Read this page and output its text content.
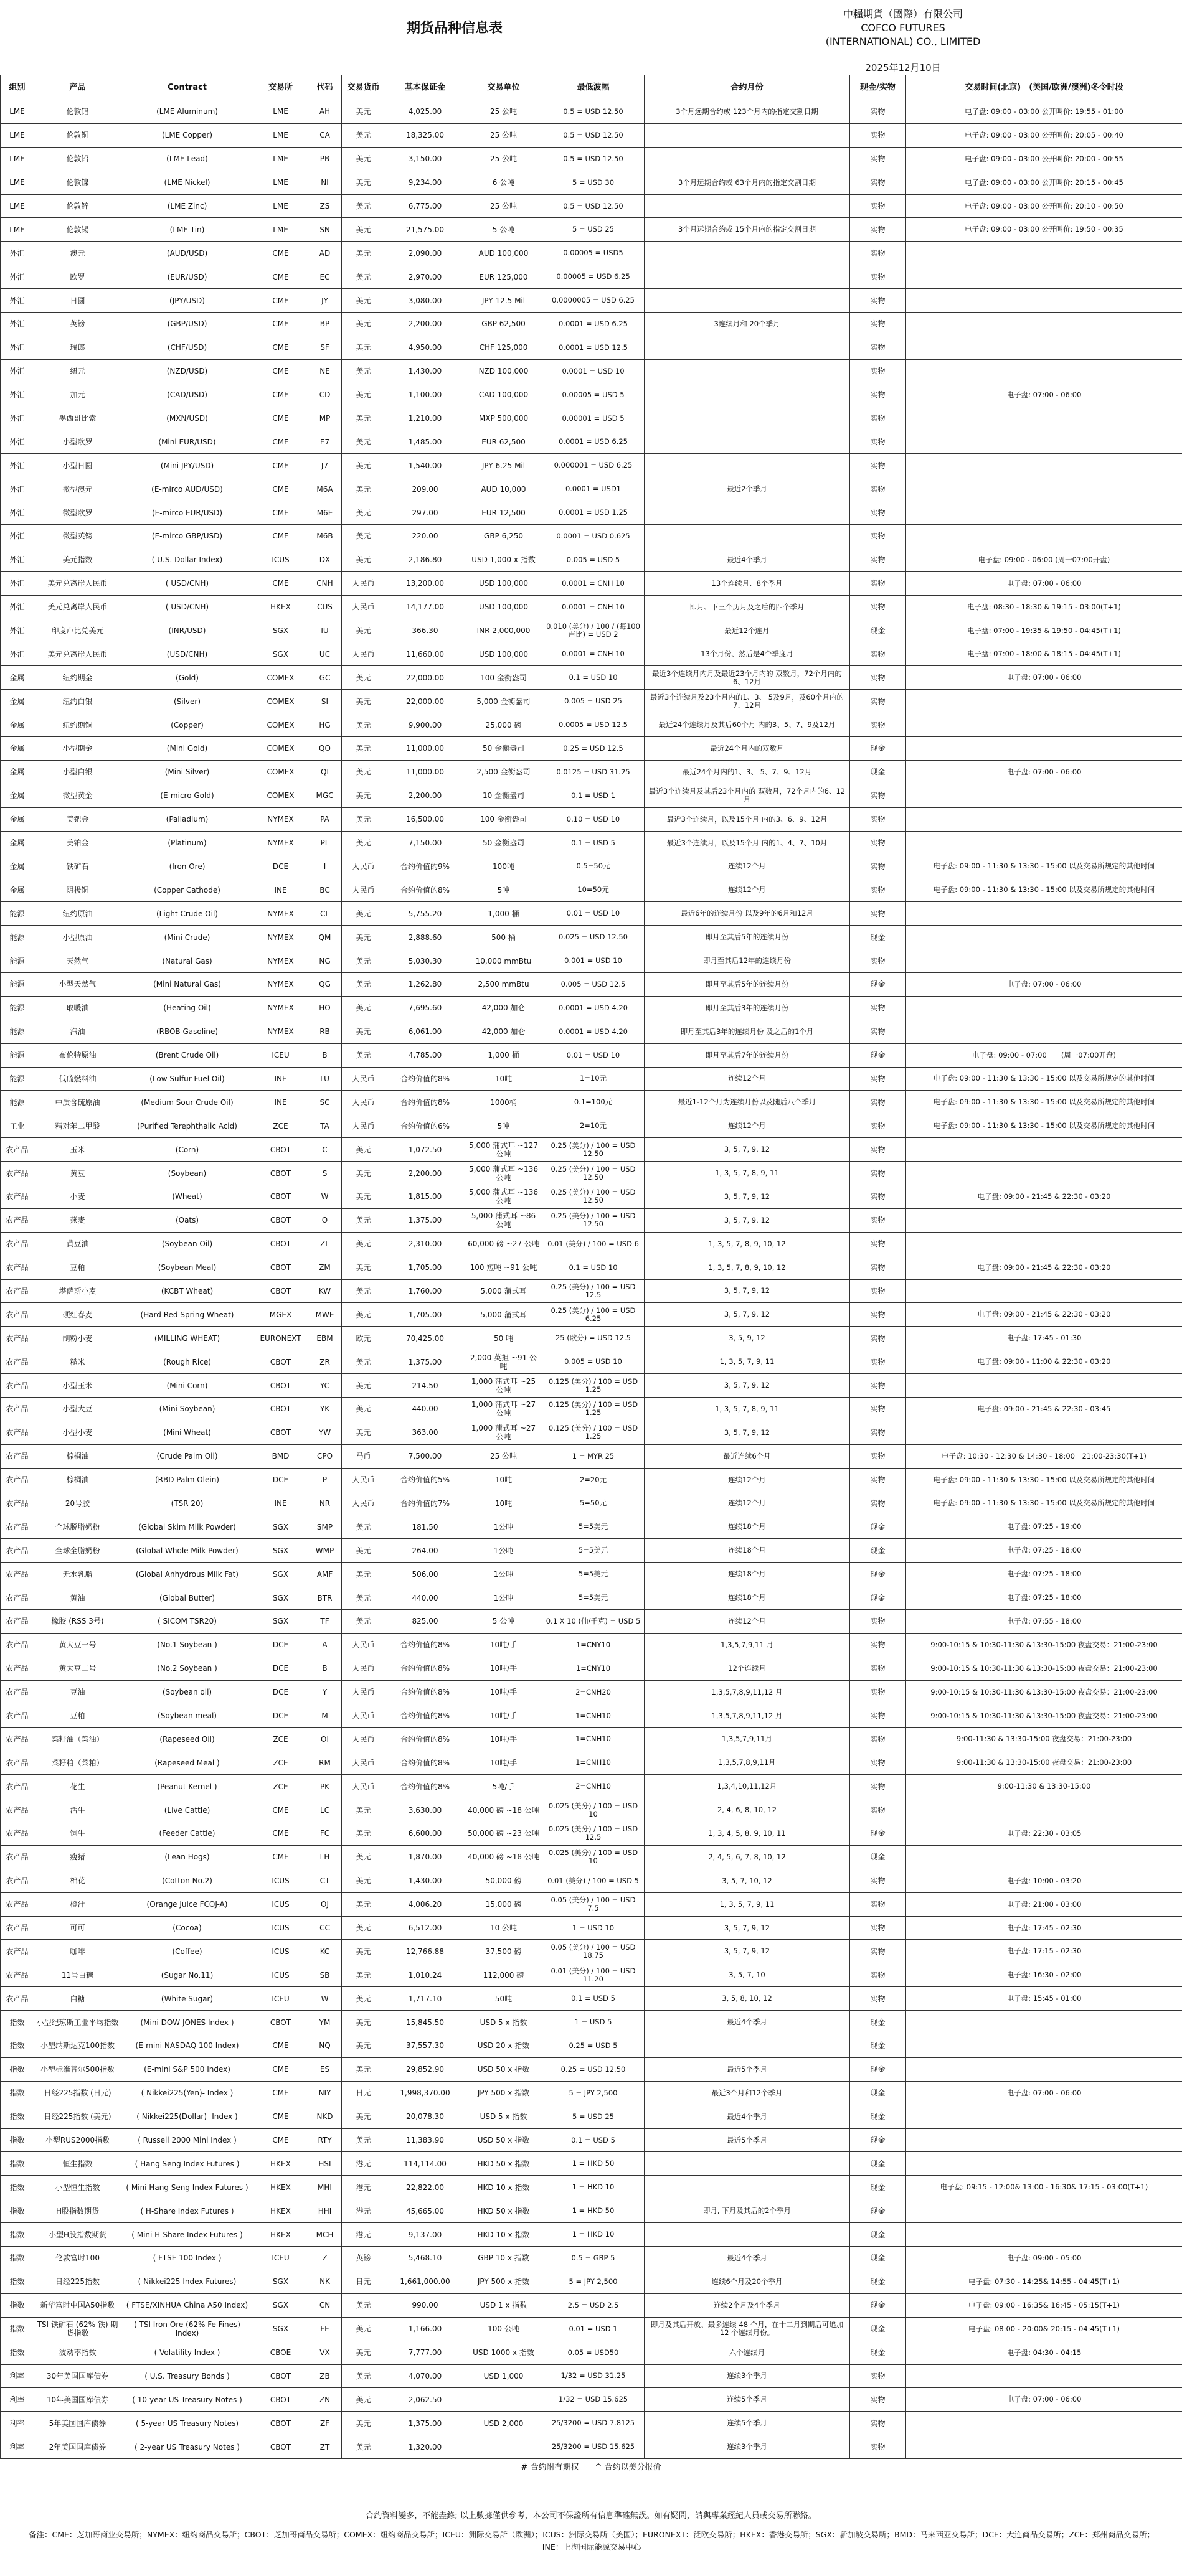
期货品种信息表
中糧期貨（國際）有限公司
COFCO FUTURES
(INTERNATIONAL) CO., LIMITED
2025年12月10日
组别	产品	Contract	交易所	代码	交易货币	基本保证金	交易单位	最低波幅	合约月份	现金/实物	交易时间(北京)　(美国/欧洲/澳洲)冬令时段
LME	伦敦铝	(LME Aluminum)	LME	AH	美元	4,025.00	25 公吨	0.5 = USD 12.50	3个月远期合约或 123个月内的指定交割日期	实物	电子盘: 09:00 - 03:00 公开叫价: 19:55 - 01:00
LME	伦敦铜	(LME Copper)	LME	CA	美元	18,325.00	25 公吨	0.5 = USD 12.50		实物	电子盘: 09:00 - 03:00 公开叫价: 20:05 - 00:40
LME	伦敦铅	(LME Lead)	LME	PB	美元	3,150.00	25 公吨	0.5 = USD 12.50		实物	电子盘: 09:00 - 03:00 公开叫价: 20:00 - 00:55
LME	伦敦镍	(LME Nickel)	LME	NI	美元	9,234.00	6 公吨	5 = USD 30	3个月远期合约或 63个月内的指定交割日期	实物	电子盘: 09:00 - 03:00 公开叫价: 20:15 - 00:45
LME	伦敦锌	(LME Zinc)	LME	ZS	美元	6,775.00	25 公吨	0.5 = USD 12.50		实物	电子盘: 09:00 - 03:00 公开叫价: 20:10 - 00:50
LME	伦敦锡	(LME Tin)	LME	SN	美元	21,575.00	5 公吨	5 = USD 25	3个月远期合约或 15个月内的指定交割日期	实物	电子盘: 09:00 - 03:00 公开叫价: 19:50 - 00:35
外汇	澳元	(AUD/USD)	CME	AD	美元	2,090.00	AUD 100,000	0.00005 = USD5		实物	
外汇	欧罗	(EUR/USD)	CME	EC	美元	2,970.00	EUR 125,000	0.00005 = USD 6.25		实物	
外汇	日圆	(JPY/USD)	CME	JY	美元	3,080.00	JPY 12.5 Mil	0.0000005 = USD 6.25		实物	
外汇	英镑	(GBP/USD)	CME	BP	美元	2,200.00	GBP 62,500	0.0001 = USD 6.25	3连续月和 20个季月	实物	
外汇	瑞郎	(CHF/USD)	CME	SF	美元	4,950.00	CHF 125,000	0.0001 = USD 12.5		实物	
外汇	纽元	(NZD/USD)	CME	NE	美元	1,430.00	NZD 100,000	0.0001 = USD 10		实物	
外汇	加元	(CAD/USD)	CME	CD	美元	1,100.00	CAD 100,000	0.00005 = USD 5		实物	电子盘: 07:00 - 06:00
外汇	墨西哥比索	(MXN/USD)	CME	MP	美元	1,210.00	MXP 500,000	0.00001 = USD 5		实物	
外汇	小型欧罗	(Mini EUR/USD)	CME	E7	美元	1,485.00	EUR 62,500	0.0001 = USD 6.25		实物	
外汇	小型日圆	(Mini JPY/USD)	CME	J7	美元	1,540.00	JPY 6.25 Mil	0.000001 = USD 6.25		实物	
外汇	微型澳元	(E-mirco AUD/USD)	CME	M6A	美元	209.00	AUD 10,000	0.0001 = USD1	最近2个季月	实物	
外汇	微型欧罗	(E-mirco EUR/USD)	CME	M6E	美元	297.00	EUR 12,500	0.0001 = USD 1.25		实物	
外汇	微型英镑	(E-mirco GBP/USD)	CME	M6B	美元	220.00	GBP 6,250	0.0001 = USD 0.625		实物	
外汇	美元指数	( U.S. Dollar Index)	ICUS	DX	美元	2,186.80	USD 1,000 x 指数	0.005 = USD 5	最近4个季月	实物	电子盘: 09:00 - 06:00 (周一07:00开盘)
外汇	美元兑离岸人民币	( USD/CNH)	CME	CNH	人民币	13,200.00	USD 100,000	0.0001 = CNH 10	13个连续月、8个季月	实物	电子盘: 07:00 - 06:00
外汇	美元兑离岸人民币	( USD/CNH)	HKEX	CUS	人民币	14,177.00	USD 100,000	0.0001 = CNH 10	即月、下三个历月及之后的四个季月	实物	电子盘: 08:30 - 18:30 & 19:15 - 03:00(T+1)
外汇	印度卢比兑美元	(INR/USD)	SGX	IU	美元	366.30	INR 2,000,000	0.010 (美分) / 100 / (每100卢比) = USD 2	最近12个连月	现金	电子盘: 07:00 - 19:35 & 19:50 - 04:45(T+1)
外汇	美元兑离岸人民币	(USD/CNH)	SGX	UC	人民币	11,660.00	USD 100,000	0.0001 = CNH 10	13个月份、然后是4个季度月	实物	电子盘: 07:00 - 18:00 & 18:15 - 04:45(T+1)
金属	纽约期金	(Gold)	COMEX	GC	美元	22,000.00	100 金衡盎司	0.1 = USD 10	最近3个连续月内月及最近23个月内的 双数月，72个月内的6、12月	实物	电子盘: 07:00 - 06:00
金属	纽约白银	(Silver)	COMEX	SI	美元	22,000.00	5,000 金衡盎司	0.005 = USD 25	最近3个连续月及23个月内的1、3、 5及9月，及60个月内的7、12月	实物	
金属	纽约期铜	(Copper)	COMEX	HG	美元	9,900.00	25,000 磅	0.0005 = USD 12.5	最近24个连续月及其后60个月 内的3、5、7、9及12月	实物	
金属	小型期金	(Mini Gold)	COMEX	QO	美元	11,000.00	50 金衡盎司	0.25 = USD 12.5	最近24个月内的双数月	现金	
金属	小型白银	(Mini Silver)	COMEX	QI	美元	11,000.00	2,500 金衡盎司	0.0125 = USD 31.25	最近24个月内的1、3、 5、7、9、12月	现金	电子盘: 07:00 - 06:00
金属	微型黄金	(E-micro Gold)	COMEX	MGC	美元	2,200.00	10 金衡盎司	0.1 = USD 1	最近3个连续月及其后23个月内的 双数月，72个月内的6、12月	实物	
金属	美钯金	(Palladium)	NYMEX	PA	美元	16,500.00	100 金衡盎司	0.10 = USD 10	最近3个连续月，以及15个月 内的3、6、9、12月	实物	
金属	美铂金	(Platinum)	NYMEX	PL	美元	7,150.00	50 金衡盎司	0.1 = USD 5	最近3个连续月，以及15个月 内的1、4、7、10月	实物	
金属	铁矿石	(Iron Ore)	DCE	I	人民币	合约价值的9%	100吨	0.5=50元	连续12个月	实物	电子盘: 09:00 - 11:30 & 13:30 - 15:00 以及交易所规定的其他时间
金属	阴极铜	(Copper Cathode)	INE	BC	人民币	合约价值的8%	5吨	10=50元	连续12个月	实物	电子盘: 09:00 - 11:30 & 13:30 - 15:00 以及交易所规定的其他时间
能源	纽约原油	(Light Crude Oil)	NYMEX	CL	美元	5,755.20	1,000 桶	0.01 = USD 10	最近6年的连续月份 以及9年的6月和12月	实物	
能源	小型原油	(Mini Crude)	NYMEX	QM	美元	2,888.60	500 桶	0.025 = USD 12.50	即月至其后5年的连续月份	现金	
能源	天然气	(Natural Gas)	NYMEX	NG	美元	5,030.30	10,000 mmBtu	0.001 = USD 10	即月至其后12年的连续月份	实物	
能源	小型天然气	(Mini Natural Gas)	NYMEX	QG	美元	1,262.80	2,500 mmBtu	0.005 = USD 12.5	即月至其后5年的连续月份	现金	电子盘: 07:00 - 06:00
能源	取暖油	(Heating Oil)	NYMEX	HO	美元	7,695.60	42,000 加仑	0.0001 = USD 4.20	即月至其后3年的连续月份	实物	
能源	汽油	(RBOB Gasoline)	NYMEX	RB	美元	6,061.00	42,000 加仑	0.0001 = USD 4.20	即月至其后3年的连续月份 及之后的1个月	实物	
能源	布伦特原油	(Brent Crude Oil)	ICEU	B	美元	4,785.00	1,000 桶	0.01 = USD 10	即月至其后7年的连续月份	现金	电子盘: 09:00 - 07:00　　(周一07:00开盘)
能源	低硫燃料油	(Low Sulfur Fuel Oil)	INE	LU	人民币	合约价值的8%	10吨	1=10元	连续12个月	实物	电子盘: 09:00 - 11:30 & 13:30 - 15:00 以及交易所规定的其他时间
能源	中质含硫原油	(Medium Sour Crude Oil)	INE	SC	人民币	合约价值的8%	1000桶	0.1=100元	最近1-12个月为连续月份以及随后八个季月	实物	电子盘: 09:00 - 11:30 & 13:30 - 15:00 以及交易所规定的其他时间
工业	精对苯二甲酸	(Purified Terephthalic Acid)	ZCE	TA	人民币	合约价值的6%	5吨	2=10元	连续12个月	实物	电子盘: 09:00 - 11:30 & 13:30 - 15:00 以及交易所规定的其他时间
农产品	玉米	(Corn)	CBOT	C	美元	1,072.50	5,000 蒲式耳 ~127 公吨	0.25 (美分) / 100 = USD 12.50	3, 5, 7, 9, 12	实物	
农产品	黄豆	(Soybean)	CBOT	S	美元	2,200.00	5,000 蒲式耳 ~136 公吨	0.25 (美分) / 100 = USD 12.50	1, 3, 5, 7, 8, 9, 11	实物	
农产品	小麦	(Wheat)	CBOT	W	美元	1,815.00	5,000 蒲式耳 ~136 公吨	0.25 (美分) / 100 = USD 12.50	3, 5, 7, 9, 12	实物	电子盘: 09:00 - 21:45 & 22:30 - 03:20
农产品	燕麦	(Oats)	CBOT	O	美元	1,375.00	5,000 蒲式耳 ~86 公吨	0.25 (美分) / 100 = USD 12.50	3, 5, 7, 9, 12	实物	
农产品	黄豆油	(Soybean Oil)	CBOT	ZL	美元	2,310.00	60,000 磅 ~27 公吨	0.01 (美分) / 100 = USD 6	1, 3, 5, 7, 8, 9, 10, 12	实物	
农产品	豆粕	(Soybean Meal)	CBOT	ZM	美元	1,705.00	100 短吨 ~91 公吨	0.1 = USD 10	1, 3, 5, 7, 8, 9, 10, 12	实物	电子盘: 09:00 - 21:45 & 22:30 - 03:20
农产品	堪萨斯小麦	(KCBT Wheat)	CBOT	KW	美元	1,760.00	5,000 蒲式耳	0.25 (美分) / 100 = USD 12.5	3, 5, 7, 9, 12	实物	
农产品	硬红春麦	(Hard Red Spring Wheat)	MGEX	MWE	美元	1,705.00	5,000 蒲式耳	0.25 (美分) / 100 = USD 6.25	3, 5, 7, 9, 12	实物	电子盘: 09:00 - 21:45 & 22:30 - 03:20
农产品	制粉小麦	(MILLING WHEAT)	EURONEXT	EBM	欧元	70,425.00	50 吨	25 (欧分) = USD 12.5	3, 5, 9, 12	实物	电子盘: 17:45 - 01:30
农产品	糙米	(Rough Rice)	CBOT	ZR	美元	1,375.00	2,000 英担 ~91 公吨	0.005 = USD 10	1, 3, 5, 7, 9, 11	实物	电子盘: 09:00 - 11:00 & 22:30 - 03:20
农产品	小型玉米	(Mini Corn)	CBOT	YC	美元	214.50	1,000 蒲式耳 ~25 公吨	0.125 (美分) / 100 = USD 1.25	3, 5, 7, 9, 12	实物	
农产品	小型大豆	(Mini Soybean)	CBOT	YK	美元	440.00	1,000 蒲式耳 ~27 公吨	0.125 (美分) / 100 = USD 1.25	1, 3, 5, 7, 8, 9, 11	实物	电子盘: 09:00 - 21:45 & 22:30 - 03:45
农产品	小型小麦	(Mini Wheat)	CBOT	YW	美元	363.00	1,000 蒲式耳 ~27 公吨	0.125 (美分) / 100 = USD 1.25	3, 5, 7, 9, 12	实物	
农产品	棕榈油	(Crude Palm Oil)	BMD	CPO	马币	7,500.00	25 公吨	1 = MYR 25	最近连续6个月	实物	电子盘: 10:30 - 12:30 & 14:30 - 18:00　21:00-23:30(T+1)
农产品	棕榈油	(RBD Palm Olein)	DCE	P	人民币	合约价值的5%	10吨	2=20元	连续12个月	实物	电子盘: 09:00 - 11:30 & 13:30 - 15:00 以及交易所规定的其他时间
农产品	20号胶	(TSR 20)	INE	NR	人民币	合约价值的7%	10吨	5=50元	连续12个月	实物	电子盘: 09:00 - 11:30 & 13:30 - 15:00 以及交易所规定的其他时间
农产品	全球脱脂奶粉	(Global Skim Milk Powder)	SGX	SMP	美元	181.50	1公吨	5=5美元	连续18个月	现金	电子盘: 07:25 - 19:00
农产品	全球全脂奶粉	(Global Whole Milk Powder)	SGX	WMP	美元	264.00	1公吨	5=5美元	连续18个月	现金	电子盘: 07:25 - 18:00
农产品	无水乳脂	(Global Anhydrous Milk Fat)	SGX	AMF	美元	506.00	1公吨	5=5美元	连续18个月	现金	电子盘: 07:25 - 18:00
农产品	黄油	(Global Butter)	SGX	BTR	美元	440.00	1公吨	5=5美元	连续18个月	现金	电子盘: 07:25 - 18:00
农产品	橡胶 (RSS 3号)	( SICOM TSR20)	SGX	TF	美元	825.00	5 公吨	0.1 X 10 (仙/千克) = USD 5	连续12个月	实物	电子盘: 07:55 - 18:00
农产品	黄大豆一号	(No.1 Soybean )	DCE	A	人民币	合约价值的8%	10吨/手	1=CNY10	1,3,5,7,9,11 月	实物	9:00-10:15 & 10:30-11:30 &13:30-15:00 夜盘交易：21:00-23:00
农产品	黄大豆二号	(No.2 Soybean )	DCE	B	人民币	合约价值的8%	10吨/手	1=CNY10	12个连续月	实物	9:00-10:15 & 10:30-11:30 &13:30-15:00 夜盘交易：21:00-23:00
农产品	豆油	(Soybean oil)	DCE	Y	人民币	合约价值的8%	10吨/手	2=CNH20	1,3,5,7,8,9,11,12 月	实物	9:00-10:15 & 10:30-11:30 &13:30-15:00 夜盘交易：21:00-23:00
农产品	豆粕	(Soybean meal)	DCE	M	人民币	合约价值的8%	10吨/手	1=CNH10	1,3,5,7,8,9,11,12 月	实物	9:00-10:15 & 10:30-11:30 &13:30-15:00 夜盘交易：21:00-23:00
农产品	菜籽油（菜油）	(Rapeseed Oil)	ZCE	OI	人民币	合约价值的8%	10吨/手	1=CNH10	1,3,5,7,9,11月	实物	9:00-11:30 & 13:30-15:00 夜盘交易：21:00-23:00
农产品	菜籽粕（菜粕）	(Rapeseed Meal )	ZCE	RM	人民币	合约价值的8%	10吨/手	1=CNH10	1,3,5,7,8,9,11月	实物	9:00-11:30 & 13:30-15:00 夜盘交易：21:00-23:00
农产品	花生	(Peanut Kernel )	ZCE	PK	人民币	合约价值的8%	5吨/手	2=CNH10	1,3,4,10,11,12月	实物	9:00-11:30 & 13:30-15:00
农产品	活牛	(Live Cattle)	CME	LC	美元	3,630.00	40,000 磅 ~18 公吨	0.025 (美分) / 100 = USD 10	2, 4, 6, 8, 10, 12	实物	
农产品	饲牛	(Feeder Cattle)	CME	FC	美元	6,600.00	50,000 磅 ~23 公吨	0.025 (美分) / 100 = USD 12.5	1, 3, 4, 5, 8, 9, 10, 11	现金	电子盘: 22:30 - 03:05
农产品	瘦猪	(Lean Hogs)	CME	LH	美元	1,870.00	40,000 磅 ~18 公吨	0.025 (美分) / 100 = USD 10	2, 4, 5, 6, 7, 8, 10, 12	现金	
农产品	棉花	(Cotton No.2)	ICUS	CT	美元	1,430.00	50,000 磅	0.01 (美分) / 100 = USD 5	3, 5, 7, 10, 12	实物	电子盘: 10:00 - 03:20
农产品	橙汁	(Orange Juice FCOJ-A)	ICUS	OJ	美元	4,006.20	15,000 磅	0.05 (美分) / 100 = USD 7.5	1, 3, 5, 7, 9, 11	实物	电子盘: 21:00 - 03:00
农产品	可可	(Cocoa)	ICUS	CC	美元	6,512.00	10 公吨	1 = USD 10	3, 5, 7, 9, 12	实物	电子盘: 17:45 - 02:30
农产品	咖啡	(Coffee)	ICUS	KC	美元	12,766.88	37,500 磅	0.05 (美分) / 100 = USD 18.75	3, 5, 7, 9, 12	实物	电子盘: 17:15 - 02:30
农产品	11号白糖	(Sugar No.11)	ICUS	SB	美元	1,010.24	112,000 磅	0.01 (美分) / 100 = USD 11.20	3, 5, 7, 10	实物	电子盘: 16:30 - 02:00
农产品	白糖	(White Sugar)	ICEU	W	美元	1,717.10	50吨	0.1 = USD 5	3, 5, 8, 10, 12	实物	电子盘: 15:45 - 01:00
指数	小型纪琼斯工业平均指数	(Mini DOW JONES Index )	CBOT	YM	美元	15,845.50	USD 5 x 指数	1 = USD 5	最近4个季月	现金	
指数	小型纳斯达克100指数	(E-mini NASDAQ 100 Index)	CME	NQ	美元	37,557.30	USD 20 x 指数	0.25 = USD 5		现金	
指数	小型标准普尔500指数	(E-mini S&P 500 Index)	CME	ES	美元	29,852.90	USD 50 x 指数	0.25 = USD 12.50	最近5个季月	现金	
指数	日经225指数 (日元)	( Nikkei225(Yen)- Index )	CME	NIY	日元	1,998,370.00	JPY 500 x 指数	5 = JPY 2,500	最近3个月和12个季月	现金	电子盘: 07:00 - 06:00
指数	日经225指数 (美元)	( Nikkei225(Dollar)- Index )	CME	NKD	美元	20,078.30	USD 5 x 指数	5 = USD 25	最近4个季月	现金	
指数	小型RUS2000指数	( Russell 2000 Mini Index )	CME	RTY	美元	11,383.90	USD 50 x 指数	0.1 = USD 5	最近5个季月	现金	
指数	恒生指数	( Hang Seng Index Futures )	HKEX	HSI	港元	114,114.00	HKD 50 x 指数	1 = HKD 50		现金	
指数	小型恒生指数	( Mini Hang Seng Index Futures )	HKEX	MHI	港元	22,822.00	HKD 10 x 指数	1 = HKD 10		现金	电子盘: 09:15 - 12:00& 13:00 - 16:30& 17:15 - 03:00(T+1)
指数	H股指数期货	( H-Share Index Futures )	HKEX	HHI	港元	45,665.00	HKD 50 x 指数	1 = HKD 50	即月, 下月及其后的2个季月	现金	
指数	小型H股指数期货	( Mini H-Share Index Futures )	HKEX	MCH	港元	9,137.00	HKD 10 x 指数	1 = HKD 10		现金	
指数	伦敦富时100	( FTSE 100 Index )	ICEU	Z	英镑	5,468.10	GBP 10 x 指数	0.5 = GBP 5	最近4个季月	现金	电子盘: 09:00 - 05:00
指数	日经225指数	( Nikkei225 Index Futures)	SGX	NK	日元	1,661,000.00	JPY 500 x 指数	5 = JPY 2,500	连续6个月及20个季月	现金	电子盘: 07:30 - 14:25& 14:55 - 04:45(T+1)
指数	新华富时中国A50指数	( FTSE/XINHUA China A50 Index)	SGX	CN	美元	990.00	USD 1 x 指数	2.5 = USD 2.5	连续2个月及4个季月	现金	电子盘: 09:00 - 16:35& 16:45 - 05:15(T+1)
指数	TSI 铁矿石 (62% 铁) 期货指数	( TSI Iron Ore (62% Fe Fines) Index)	SGX	FE	美元	1,166.00	100 公吨	0.01 = USD 1	即月及其后开放、最多连续 48 个月，在十二月到期后可追加 12 个连续月份。	现金	电子盘: 08:00 - 20:00& 20:15 - 04:45(T+1)
指数	波动率指数	( Volatility Index )	CBOE	VX	美元	7,777.00	USD 1000 x 指数	0.05 = USD50	六个连续月	现金	电子盘: 04:30 - 04:15
利率	30年美国国库债券	( U.S. Treasury Bonds )	CBOT	ZB	美元	4,070.00	USD 1,000	1/32 = USD 31.25	连续3个季月	实物	
利率	10年美国国库债券	( 10-year US Treasury Notes )	CBOT	ZN	美元	2,062.50		1/32 = USD 15.625	连续5个季月	实物	电子盘: 07:00 - 06:00
利率	5年美国国库债券	( 5-year US Treasury Notes)	CBOT	ZF	美元	1,375.00	USD 2,000	25/3200 = USD 7.8125	连续5个季月	实物	
利率	2年美国国库债券	( 2-year US Treasury Notes )	CBOT	ZT	美元	1,320.00		25/3200 = USD 15.625	连续3个季月	实物	
# 合约附有期权　　^ 合约以美分报价
合约資料變多，不能盡錄; 以上數據僅供參考，本公司不保證所有信息準確無誤。如有疑問，請與專業經紀人員或交易所聯絡。
备注：CME：芝加哥商业交易所；NYMEX：纽约商品交易所；CBOT：芝加哥商品交易所；COMEX：纽约商品交易所；ICEU：洲际交易所（欧洲）；ICUS：洲际交易所（美国）；EURONEXT：泛欧交易所；HKEX：香港交易所；SGX：新加坡交易所；BMD：马来西亚交易所；DCE：大连商品交易所；ZCE：郑州商品交易所；INE：上海国际能源交易中心
